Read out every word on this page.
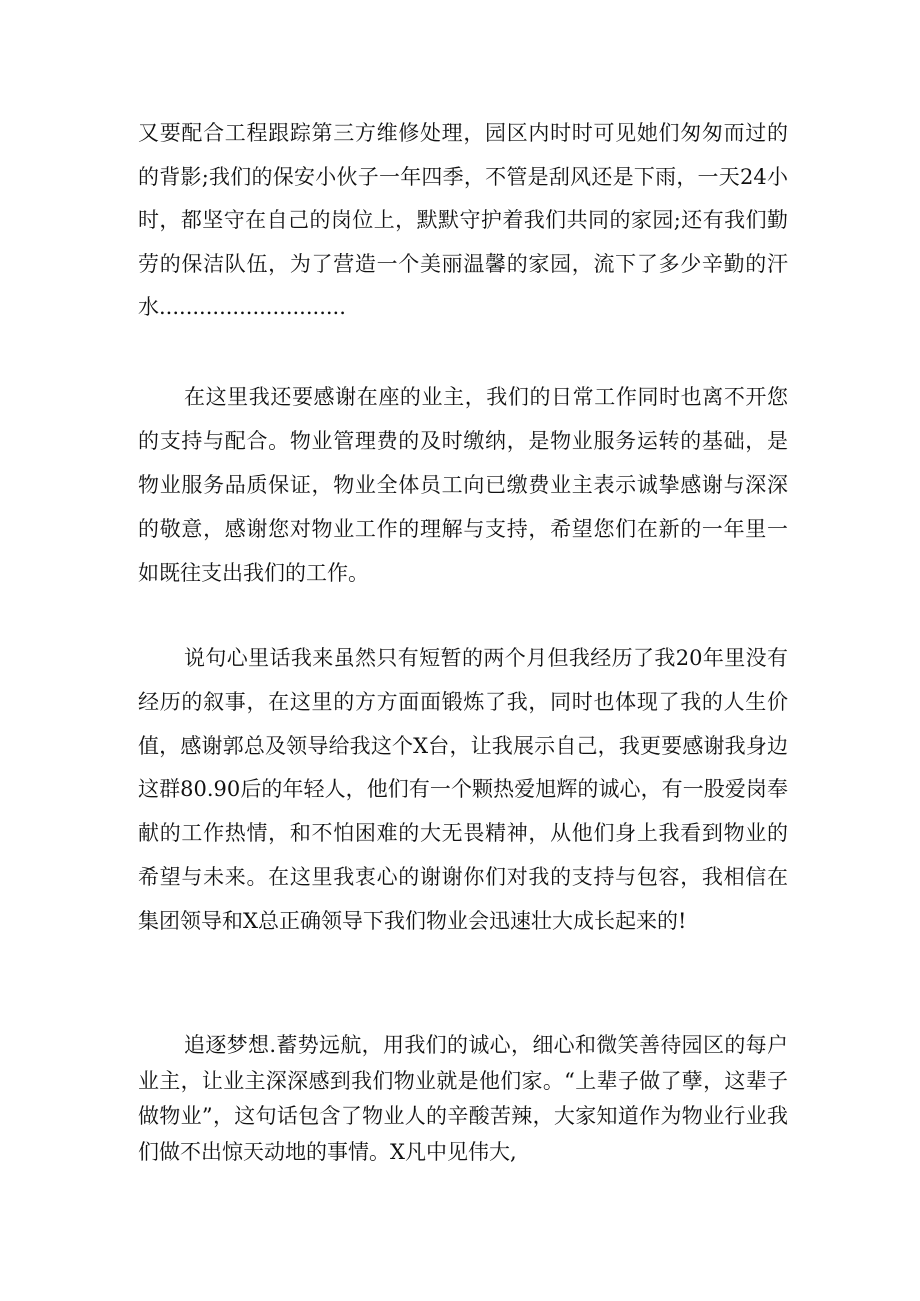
又要配合工程跟踪第三方维修处理，园区内时时可见她们匆匆而过的的背影;我们的保安小伙子一年四季，不管是刮风还是下雨，一天24小时，都坚守在自己的岗位上，默默守护着我们共同的家园;还有我们勤劳的保洁队伍，为了营造一个美丽温馨的家园，流下了多少辛勤的汗水............................

在这里我还要感谢在座的业主，我们的日常工作同时也离不开您的支持与配合。物业管理费的及时缴纳，是物业服务运转的基础，是物业服务品质保证，物业全体员工向已缴费业主表示诚挚感谢与深深的敬意，感谢您对物业工作的理解与支持，希望您们在新的一年里一如既往支出我们的工作。

说句心里话我来虽然只有短暂的两个月但我经历了我20年里没有经历的叙事，在这里的方方面面锻炼了我，同时也体现了我的人生价值，感谢郭总及领导给我这个X台，让我展示自己，我更要感谢我身边这群80.90后的年轻人，他们有一个颗热爱旭辉的诚心，有一股爱岗奉献的工作热情，和不怕困难的大无畏精神，从他们身上我看到物业的希望与未来。在这里我衷心的谢谢你们对我的支持与包容，我相信在集团领导和X总正确领导下我们物业会迅速壮大成长起来的!

追逐梦想.蓄势远航，用我们的诚心，细心和微笑善待园区的每户业主，让业主深深感到我们物业就是他们家。“上辈子做了孽，这辈子做物业”，这句话包含了物业人的辛酸苦辣，大家知道作为物业行业我们做不出惊天动地的事情。X凡中见伟大,
